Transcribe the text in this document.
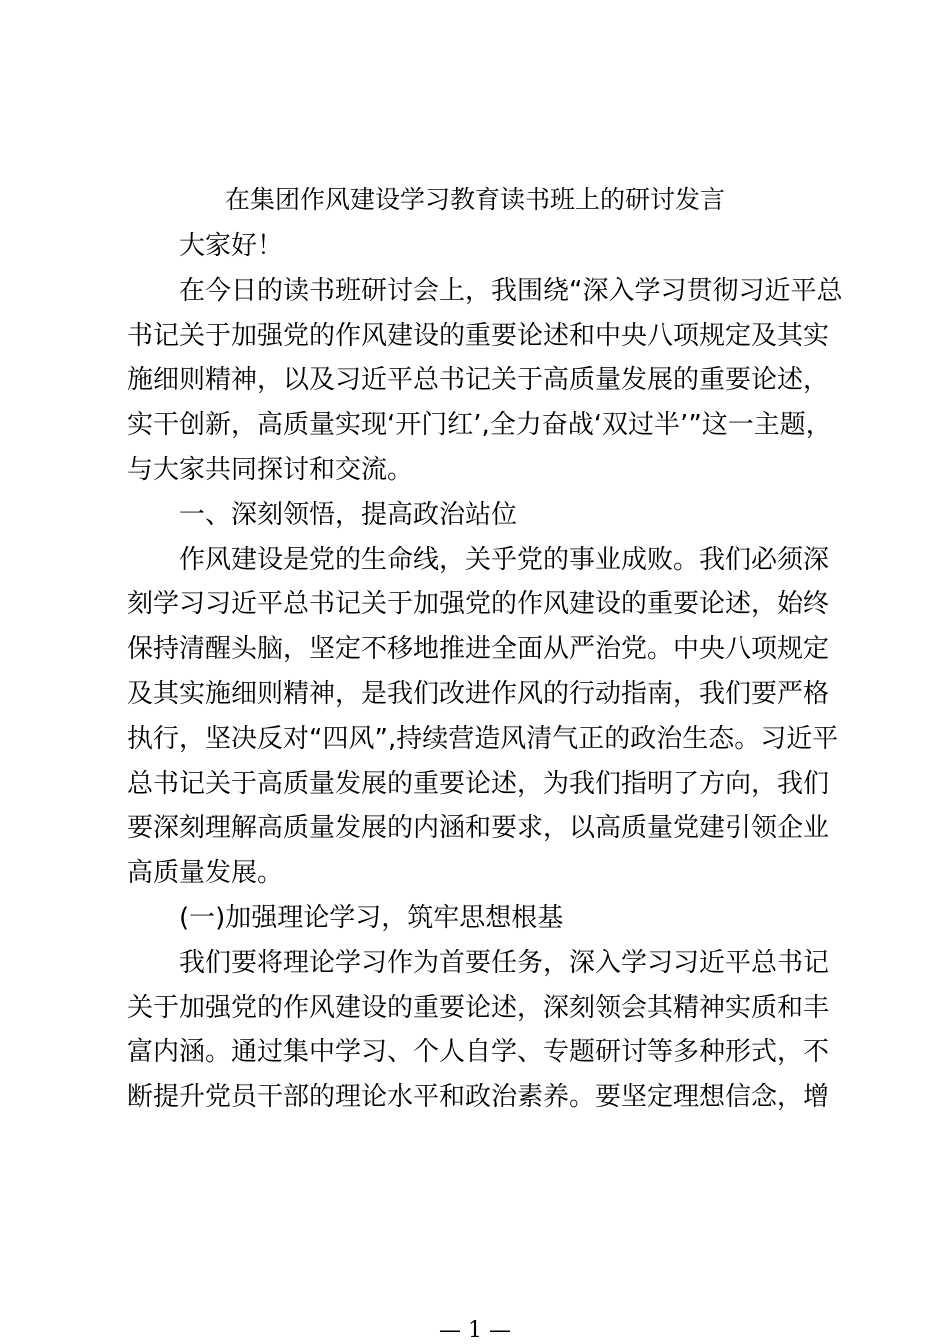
在集团作风建设学习教育读书班上的研讨发言
大家好！
在今日的读书班研讨会上，我围绕“深入学习贯彻习近平总
书记关于加强党的作风建设的重要论述和中央八项规定及其实
施细则精神，以及习近平总书记关于高质量发展的重要论述，
实干创新，高质量实现‘开门红’,全力奋战‘双过半’”这一主题，
与大家共同探讨和交流。
一、深刻领悟，提高政治站位
作风建设是党的生命线，关乎党的事业成败。我们必须深
刻学习习近平总书记关于加强党的作风建设的重要论述，始终
保持清醒头脑，坚定不移地推进全面从严治党。中央八项规定
及其实施细则精神，是我们改进作风的行动指南，我们要严格
执行，坚决反对“四风”,持续营造风清气正的政治生态。习近平
总书记关于高质量发展的重要论述，为我们指明了方向，我们
要深刻理解高质量发展的内涵和要求，以高质量党建引领企业
高质量发展。
(一)加强理论学习，筑牢思想根基
我们要将理论学习作为首要任务，深入学习习近平总书记
关于加强党的作风建设的重要论述，深刻领会其精神实质和丰
富内涵。通过集中学习、个人自学、专题研讨等多种形式，不
断提升党员干部的理论水平和政治素养。要坚定理想信念，增
— 1 —
